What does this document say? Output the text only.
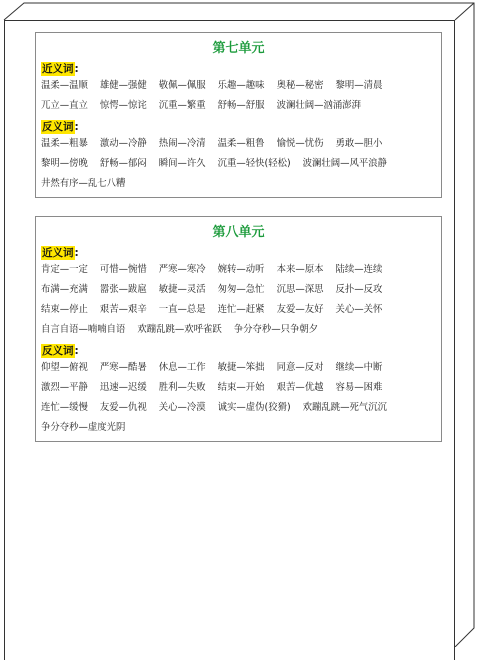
第七单元
近义词:
温柔—温顺 雄健—强健 敬佩—佩服 乐趣—趣味 奥秘—秘密 黎明—清晨
兀立—直立 惊愕—惊诧 沉重—繁重 舒畅—舒服 波澜壮阔—汹涌澎湃
反义词:
温柔—粗暴 激动—冷静 热闹—冷清 温柔—粗鲁 愉悦—忧伤 勇敢—胆小
黎明—傍晚 舒畅—郁闷 瞬间—许久 沉重—轻快(轻松) 波澜壮阔—风平浪静
井然有序—乱七八糟
第八单元
近义词:
肯定—一定 可惜—惋惜 严寒—寒冷 婉转—动听 本来—原本 陆续—连续
布满—充满 嚣张—跋扈 敏捷—灵活 匆匆—急忙 沉思—深思 反扑—反攻
结束—停止 艰苦—艰辛 一直—总是 连忙—赶紧 友爱—友好 关心—关怀
自言自语—喃喃自语 欢蹦乱跳—欢呼雀跃 争分夺秒—只争朝夕
反义词:
仰望—俯视 严寒—酷暑 休息—工作 敏捷—笨拙 同意—反对 继续—中断
激烈—平静 迅速—迟缓 胜利—失败 结束—开始 艰苦—优越 容易—困难
连忙—缓慢 友爱—仇视 关心—冷漠 诚实—虚伪(狡猾) 欢蹦乱跳—死气沉沉
争分夺秒—虚度光阴
